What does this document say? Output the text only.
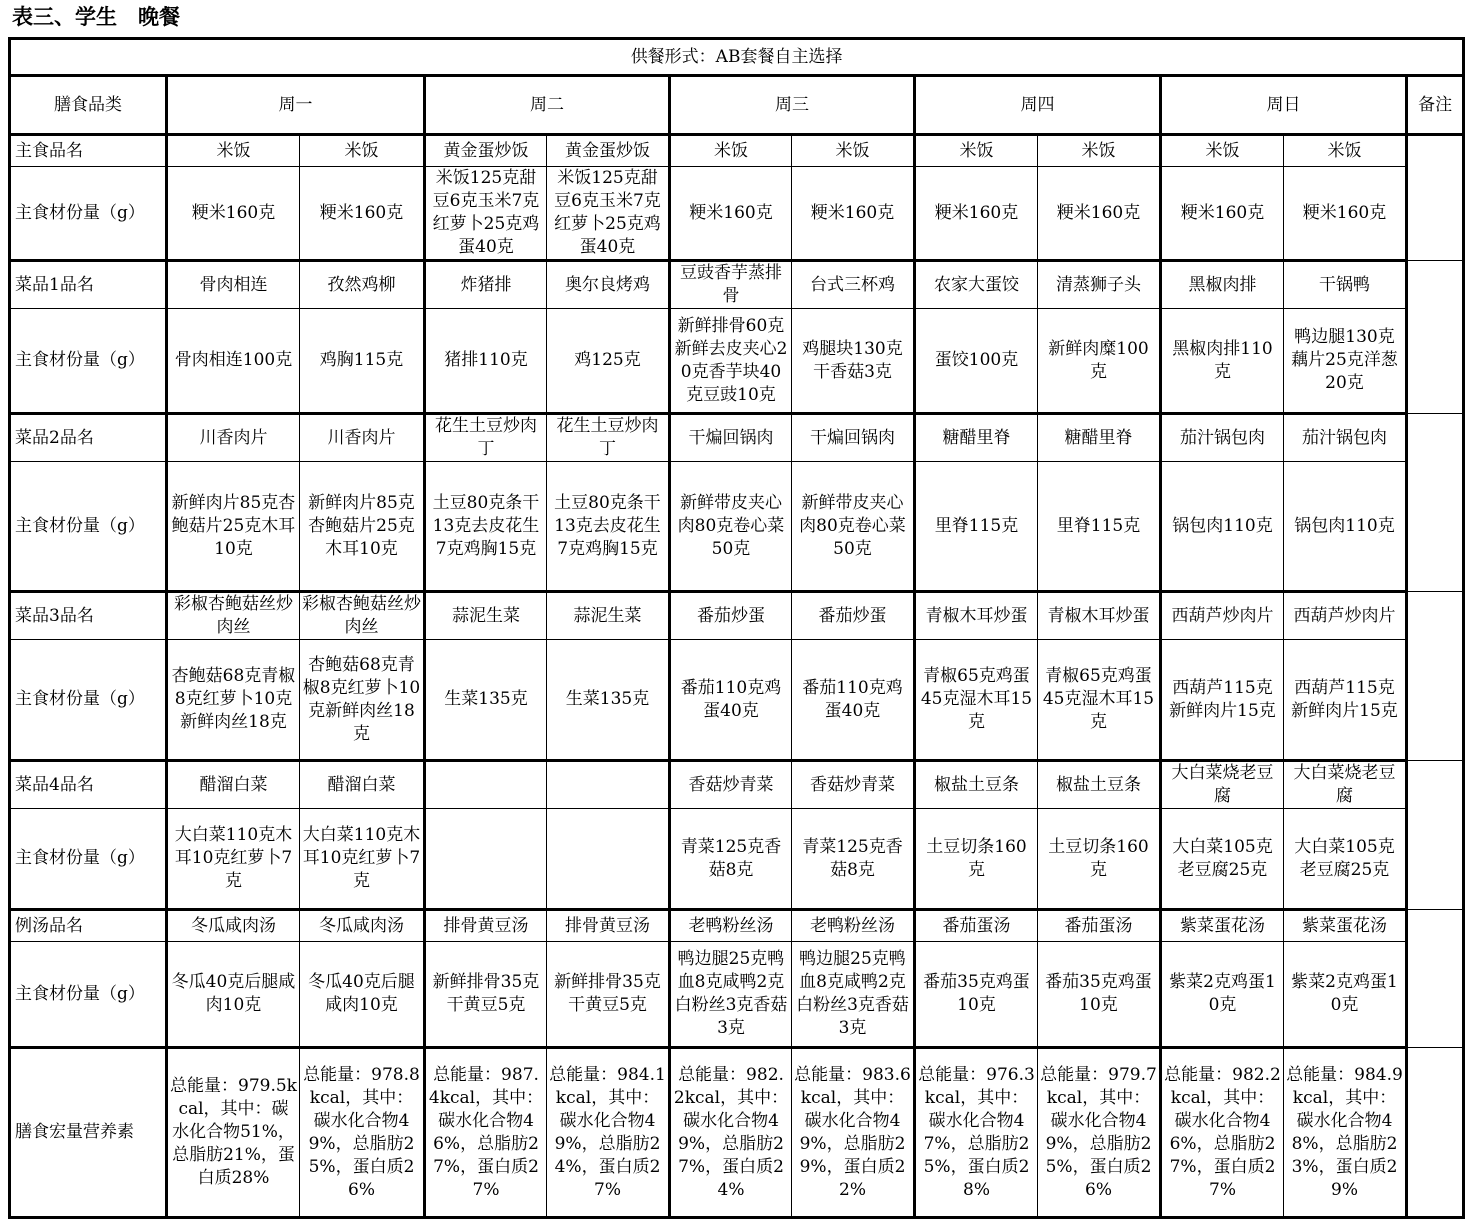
表三、学生　晚餐
供餐形式：AB套餐自主选择											
膳食品类	周一		周二		周三		周四		周日		备注
主食品名	米饭	米饭	黄金蛋炒饭	黄金蛋炒饭	米饭	米饭	米饭	米饭	米饭	米饭	
主食材份量（g）	粳米160克	粳米160克	米饭125克甜豆6克玉米7克红萝卜25克鸡蛋40克	米饭125克甜豆6克玉米7克红萝卜25克鸡蛋40克	粳米160克	粳米160克	粳米160克	粳米160克	粳米160克	粳米160克	
菜品1品名	骨肉相连	孜然鸡柳	炸猪排	奥尔良烤鸡	豆豉香芋蒸排骨	台式三杯鸡	农家大蛋饺	清蒸狮子头	黑椒肉排	干锅鸭	
主食材份量（g）	骨肉相连100克	鸡胸115克	猪排110克	鸡125克	新鲜排骨60克新鲜去皮夹心20克香芋块40克豆豉10克	鸡腿块130克干香菇3克	蛋饺100克	新鲜肉糜100克	黑椒肉排110克	鸭边腿130克藕片25克洋葱20克	
菜品2品名	川香肉片	川香肉片	花生土豆炒肉丁	花生土豆炒肉丁	干煸回锅肉	干煸回锅肉	糖醋里脊	糖醋里脊	茄汁锅包肉	茄汁锅包肉	
主食材份量（g）	新鲜肉片85克杏鲍菇片25克木耳10克	新鲜肉片85克杏鲍菇片25克木耳10克	土豆80克条干13克去皮花生7克鸡胸15克	土豆80克条干13克去皮花生7克鸡胸15克	新鲜带皮夹心肉80克卷心菜50克	新鲜带皮夹心肉80克卷心菜50克	里脊115克	里脊115克	锅包肉110克	锅包肉110克	
菜品3品名	彩椒杏鲍菇丝炒肉丝	彩椒杏鲍菇丝炒肉丝	蒜泥生菜	蒜泥生菜	番茄炒蛋	番茄炒蛋	青椒木耳炒蛋	青椒木耳炒蛋	西葫芦炒肉片	西葫芦炒肉片	
主食材份量（g）	杏鲍菇68克青椒8克红萝卜10克新鲜肉丝18克	杏鲍菇68克青椒8克红萝卜10克新鲜肉丝18克	生菜135克	生菜135克	番茄110克鸡蛋40克	番茄110克鸡蛋40克	青椒65克鸡蛋45克湿木耳15克	青椒65克鸡蛋45克湿木耳15克	西葫芦115克新鲜肉片15克	西葫芦115克新鲜肉片15克	
菜品4品名	醋溜白菜	醋溜白菜			香菇炒青菜	香菇炒青菜	椒盐土豆条	椒盐土豆条	大白菜烧老豆腐	大白菜烧老豆腐	
主食材份量（g）	大白菜110克木耳10克红萝卜7克	大白菜110克木耳10克红萝卜7克			青菜125克香菇8克	青菜125克香菇8克	土豆切条160克	土豆切条160克	大白菜105克老豆腐25克	大白菜105克老豆腐25克	
例汤品名	冬瓜咸肉汤	冬瓜咸肉汤	排骨黄豆汤	排骨黄豆汤	老鸭粉丝汤	老鸭粉丝汤	番茄蛋汤	番茄蛋汤	紫菜蛋花汤	紫菜蛋花汤	
主食材份量（g）	冬瓜40克后腿咸肉10克	冬瓜40克后腿咸肉10克	新鲜排骨35克干黄豆5克	新鲜排骨35克干黄豆5克	鸭边腿25克鸭血8克咸鸭2克白粉丝3克香菇3克	鸭边腿25克鸭血8克咸鸭2克白粉丝3克香菇3克	番茄35克鸡蛋10克	番茄35克鸡蛋10克	紫菜2克鸡蛋10克	紫菜2克鸡蛋10克	
膳食宏量营养素	总能量：979.5kcal，其中：碳水化合物51%，总脂肪21%，蛋白质28%	总能量：978.8kcal，其中：碳水化合物49%，总脂肪25%，蛋白质26%	总能量：987.4kcal，其中：碳水化合物46%，总脂肪27%，蛋白质27%	总能量：984.1kcal，其中：碳水化合物49%，总脂肪24%，蛋白质27%	总能量：982.2kcal，其中：碳水化合物49%，总脂肪27%，蛋白质24%	总能量：983.6kcal，其中：碳水化合物49%，总脂肪29%，蛋白质22%	总能量：976.3kcal，其中：碳水化合物47%，总脂肪25%，蛋白质28%	总能量：979.7kcal，其中：碳水化合物49%，总脂肪25%，蛋白质26%	总能量：982.2kcal，其中：碳水化合物46%，总脂肪27%，蛋白质27%	总能量：984.9kcal，其中：碳水化合物48%，总脂肪23%，蛋白质29%	
